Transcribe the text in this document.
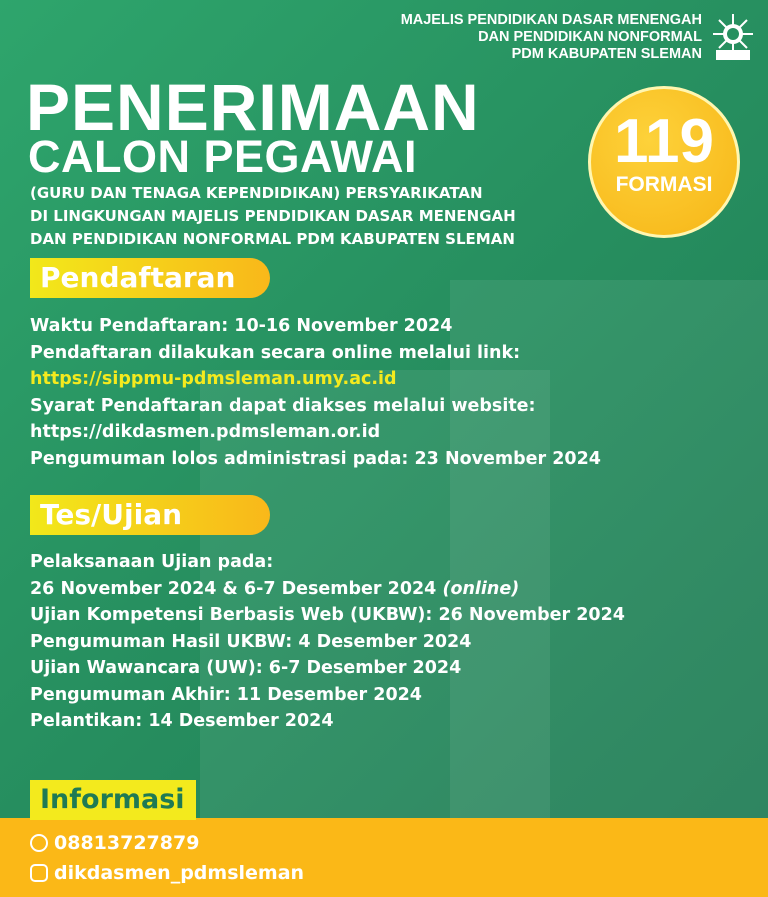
MAJELIS PENDIDIKAN DASAR MENENGAH
DAN PENDIDIKAN NONFORMAL
PDM KABUPATEN SLEMAN
PENERIMAAN
CALON PEGAWAI
(GURU DAN TENAGA KEPENDIDIKAN) PERSYARIKATAN
DI LINGKUNGAN MAJELIS PENDIDIKAN DASAR MENENGAH
DAN PENDIDIKAN NONFORMAL PDM KABUPATEN SLEMAN
119
FORMASI
Pendaftaran
Waktu Pendaftaran: 10-16 November 2024
Pendaftaran dilakukan secara online melalui link:
https://sippmu-pdmsleman.umy.ac.id
Syarat Pendaftaran dapat diakses melalui website:
https://dikdasmen.pdmsleman.or.id
Pengumuman lolos administrasi pada: 23 November 2024
Tes/Ujian
Pelaksanaan Ujian pada:
26 November 2024 & 6-7 Desember 2024 (online)
Ujian Kompetensi Berbasis Web (UKBW): 26 November 2024
Pengumuman Hasil UKBW: 4 Desember 2024
Ujian Wawancara (UW): 6-7 Desember 2024
Pengumuman Akhir: 11 Desember 2024
Pelantikan: 14 Desember 2024
Informasi
08813727879
dikdasmen_pdmsleman
